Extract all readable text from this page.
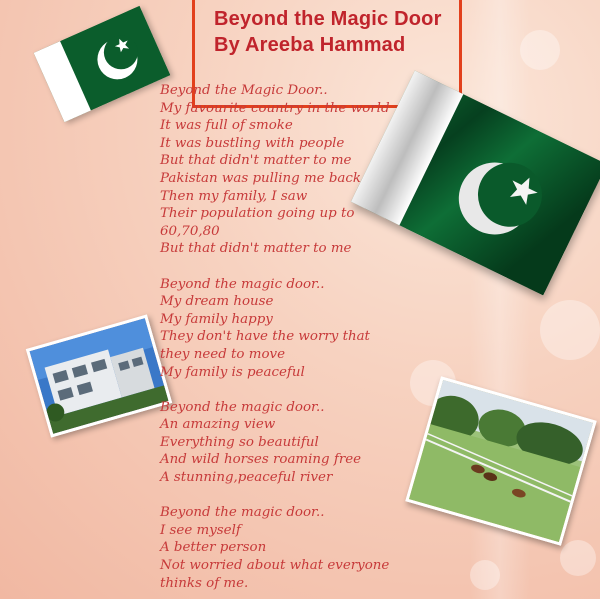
Beyond the Magic Door
By Areeba Hammad
Beyond the Magic Door..
My favourite country in the world
It was full of smoke
It was bustling with people
But that didn't matter to me
Pakistan was pulling me back
Then my family, I saw
Their population going up to
60,70,80
But that didn't matter to me
Beyond the magic door..
My dream house
My family happy
They don't have the worry that
they need to move
My family is peaceful
Beyond the magic door..
An amazing view
Everything so beautiful
And wild horses roaming free
A stunning,peaceful river
Beyond the magic door..
I see myself
A better person
Not worried about what everyone
thinks of me.
